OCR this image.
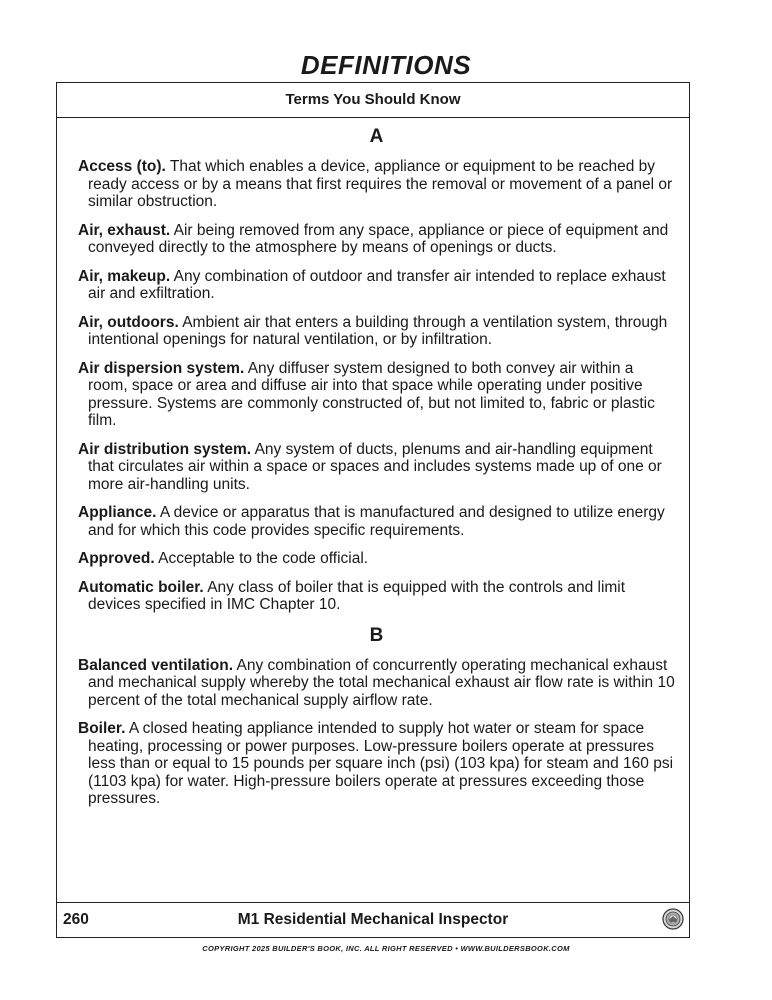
DEFINITIONS
Terms You Should Know
A

Access (to). That which enables a device, appliance or equipment to be reached by ready access or by a means that first requires the removal or movement of a panel or similar obstruction.

Air, exhaust. Air being removed from any space, appliance or piece of equipment and conveyed directly to the atmosphere by means of openings or ducts.

Air, makeup. Any combination of outdoor and transfer air intended to replace exhaust air and exfiltration.

Air, outdoors. Ambient air that enters a building through a ventilation system, through intentional openings for natural ventilation, or by infiltration.

Air dispersion system. Any diffuser system designed to both convey air within a room, space or area and diffuse air into that space while operating under positive pressure. Systems are commonly constructed of, but not limited to, fabric or plastic film.

Air distribution system. Any system of ducts, plenums and air-handling equipment that circulates air within a space or spaces and includes systems made up of one or more air-handling units.

Appliance. A device or apparatus that is manufactured and designed to utilize energy and for which this code provides specific requirements.

Approved. Acceptable to the code official.

Automatic boiler. Any class of boiler that is equipped with the controls and limit devices specified in IMC Chapter 10.

B

Balanced ventilation. Any combination of concurrently operating mechanical exhaust and mechanical supply whereby the total mechanical exhaust air flow rate is within 10 percent of the total mechanical supply airflow rate.

Boiler. A closed heating appliance intended to supply hot water or steam for space heating, processing or power purposes. Low-pressure boilers operate at pressures less than or equal to 15 pounds per square inch (psi) (103 kpa) for steam and 160 psi (1103 kpa) for water. High-pressure boilers operate at pressures exceeding those pressures.

260	M1 Residential Mechanical Inspector
COPYRIGHT 2025 BUILDER'S BOOK, INC. ALL RIGHT RESERVED • WWW.BUILDERSBOOK.COM
